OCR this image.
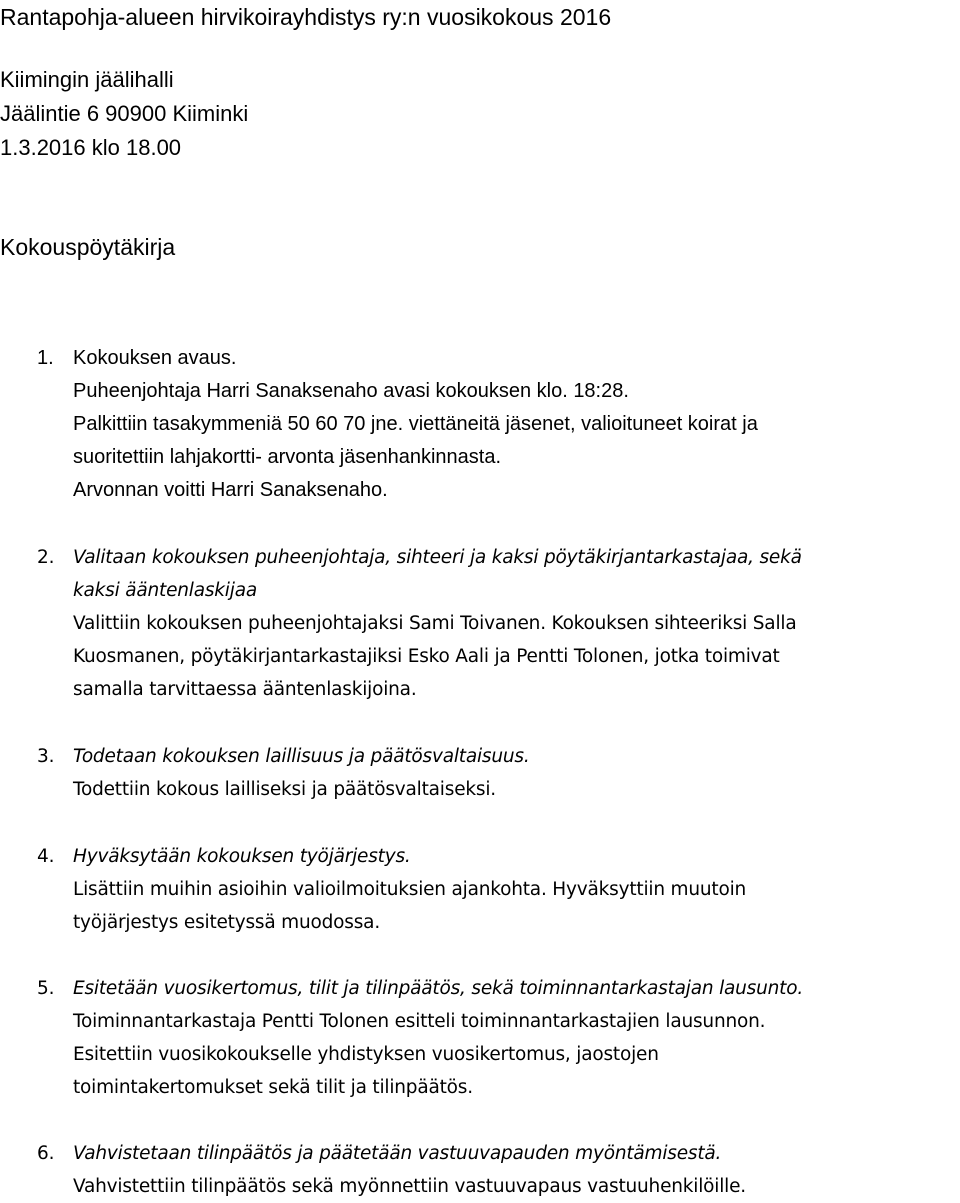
Rantapohja-alueen hirvikoirayhdistys ry:n vuosikokous 2016
Kiimingin jäälihalli
Jäälintie 6 90900 Kiiminki
1.3.2016 klo 18.00
Kokouspöytäkirja
1. Kokouksen avaus.
Puheenjohtaja Harri Sanaksenaho avasi kokouksen klo. 18:28.
Palkittiin tasakymmeniä 50 60 70 jne. viettäneitä jäsenet, valioituneet koirat ja
suoritettiin lahjakortti- arvonta jäsenhankinnasta.
Arvonnan voitti Harri Sanaksenaho.
2. Valitaan kokouksen puheenjohtaja, sihteeri ja kaksi pöytäkirjantarkastajaa, sekä
kaksi ääntenlaskijaa
Valittiin kokouksen puheenjohtajaksi Sami Toivanen. Kokouksen sihteeriksi Salla
Kuosmanen, pöytäkirjantarkastajiksi Esko Aali ja Pentti Tolonen, jotka toimivat
samalla tarvittaessa ääntenlaskijoina.
3. Todetaan kokouksen laillisuus ja päätösvaltaisuus.
Todettiin kokous lailliseksi ja päätösvaltaiseksi.
4. Hyväksytään kokouksen työjärjestys.
Lisättiin muihin asioihin valioilmoituksien ajankohta. Hyväksyttiin muutoin
työjärjestys esitetyssä muodossa.
5. Esitetään vuosikertomus, tilit ja tilinpäätös, sekä toiminnantarkastajan lausunto.
Toiminnantarkastaja Pentti Tolonen esitteli toiminnantarkastajien lausunnon.
Esitettiin vuosikokoukselle yhdistyksen vuosikertomus, jaostojen
toimintakertomukset sekä tilit ja tilinpäätös.
6. Vahvistetaan tilinpäätös ja päätetään vastuuvapauden myöntämisestä.
Vahvistettiin tilinpäätös sekä myönnettiin vastuuvapaus vastuuhenkilöille.
